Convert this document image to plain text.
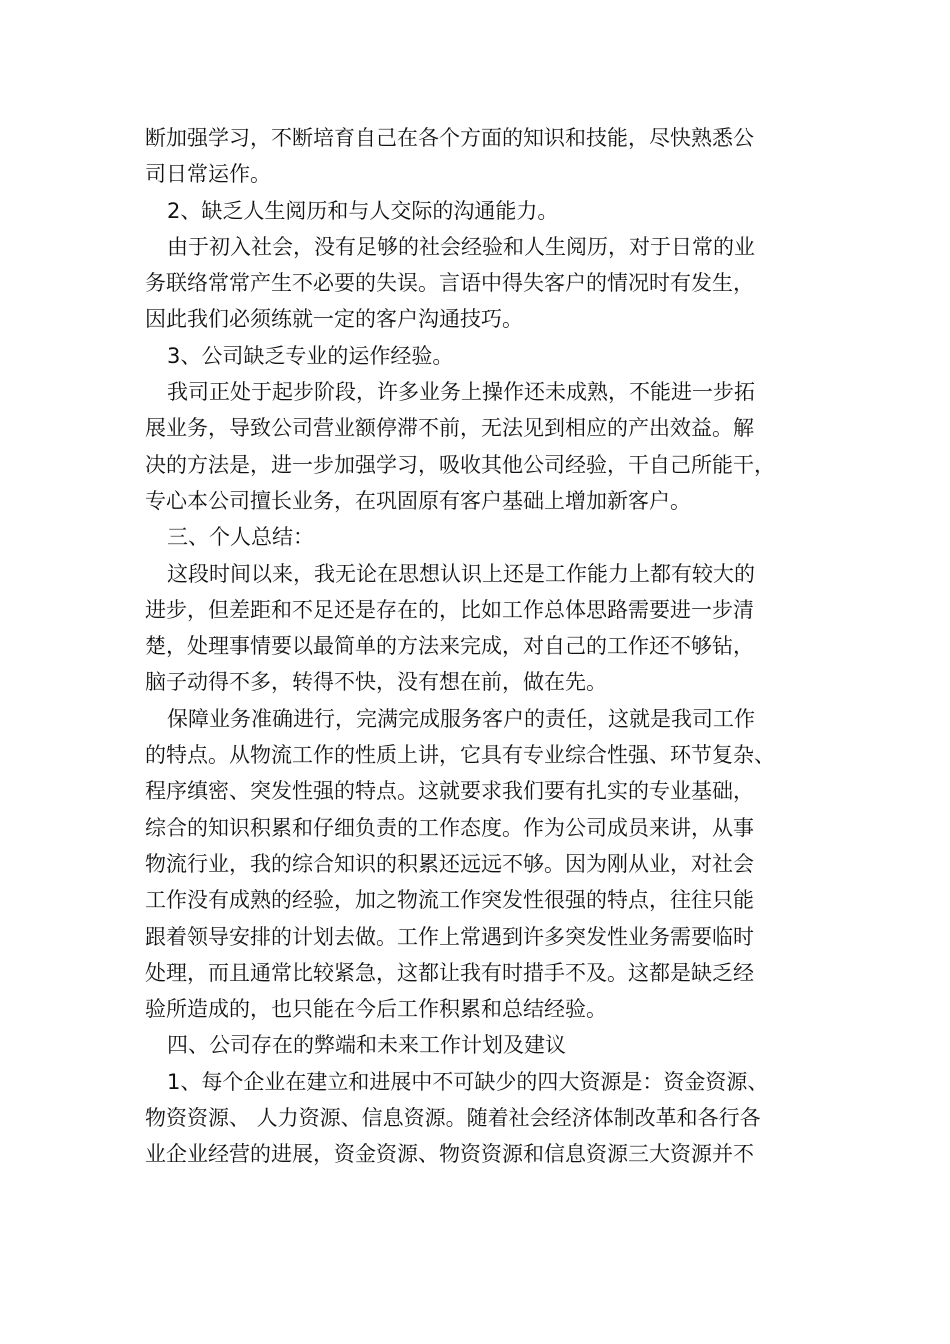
断加强学习，不断培育自己在各个方面的知识和技能，尽快熟悉公
司日常运作。
2、缺乏人生阅历和与人交际的沟通能力。
由于初入社会，没有足够的社会经验和人生阅历，对于日常的业
务联络常常产生不必要的失误。言语中得失客户的情况时有发生，
因此我们必须练就一定的客户沟通技巧。
3、公司缺乏专业的运作经验。
我司正处于起步阶段，许多业务上操作还未成熟，不能进一步拓
展业务，导致公司营业额停滞不前，无法见到相应的产出效益。解
决的方法是，进一步加强学习，吸收其他公司经验，干自己所能干，
专心本公司擅长业务，在巩固原有客户基础上增加新客户。
三、个人总结：
这段时间以来，我无论在思想认识上还是工作能力上都有较大的
进步，但差距和不足还是存在的，比如工作总体思路需要进一步清
楚，处理事情要以最简单的方法来完成，对自己的工作还不够钻，
脑子动得不多，转得不快，没有想在前，做在先。
保障业务准确进行，完满完成服务客户的责任，这就是我司工作
的特点。从物流工作的性质上讲，它具有专业综合性强、环节复杂、
程序缜密、突发性强的特点。这就要求我们要有扎实的专业基础，
综合的知识积累和仔细负责的工作态度。作为公司成员来讲，从事
物流行业，我的综合知识的积累还远远不够。因为刚从业，对社会
工作没有成熟的经验，加之物流工作突发性很强的特点，往往只能
跟着领导安排的计划去做。工作上常遇到许多突发性业务需要临时
处理，而且通常比较紧急，这都让我有时措手不及。这都是缺乏经
验所造成的，也只能在今后工作积累和总结经验。
四、公司存在的弊端和未来工作计划及建议
1、每个企业在建立和进展中不可缺少的四大资源是：资金资源、
物资资源、 人力资源、信息资源。随着社会经济体制改革和各行各
业企业经营的进展，资金资源、物资资源和信息资源三大资源并不
